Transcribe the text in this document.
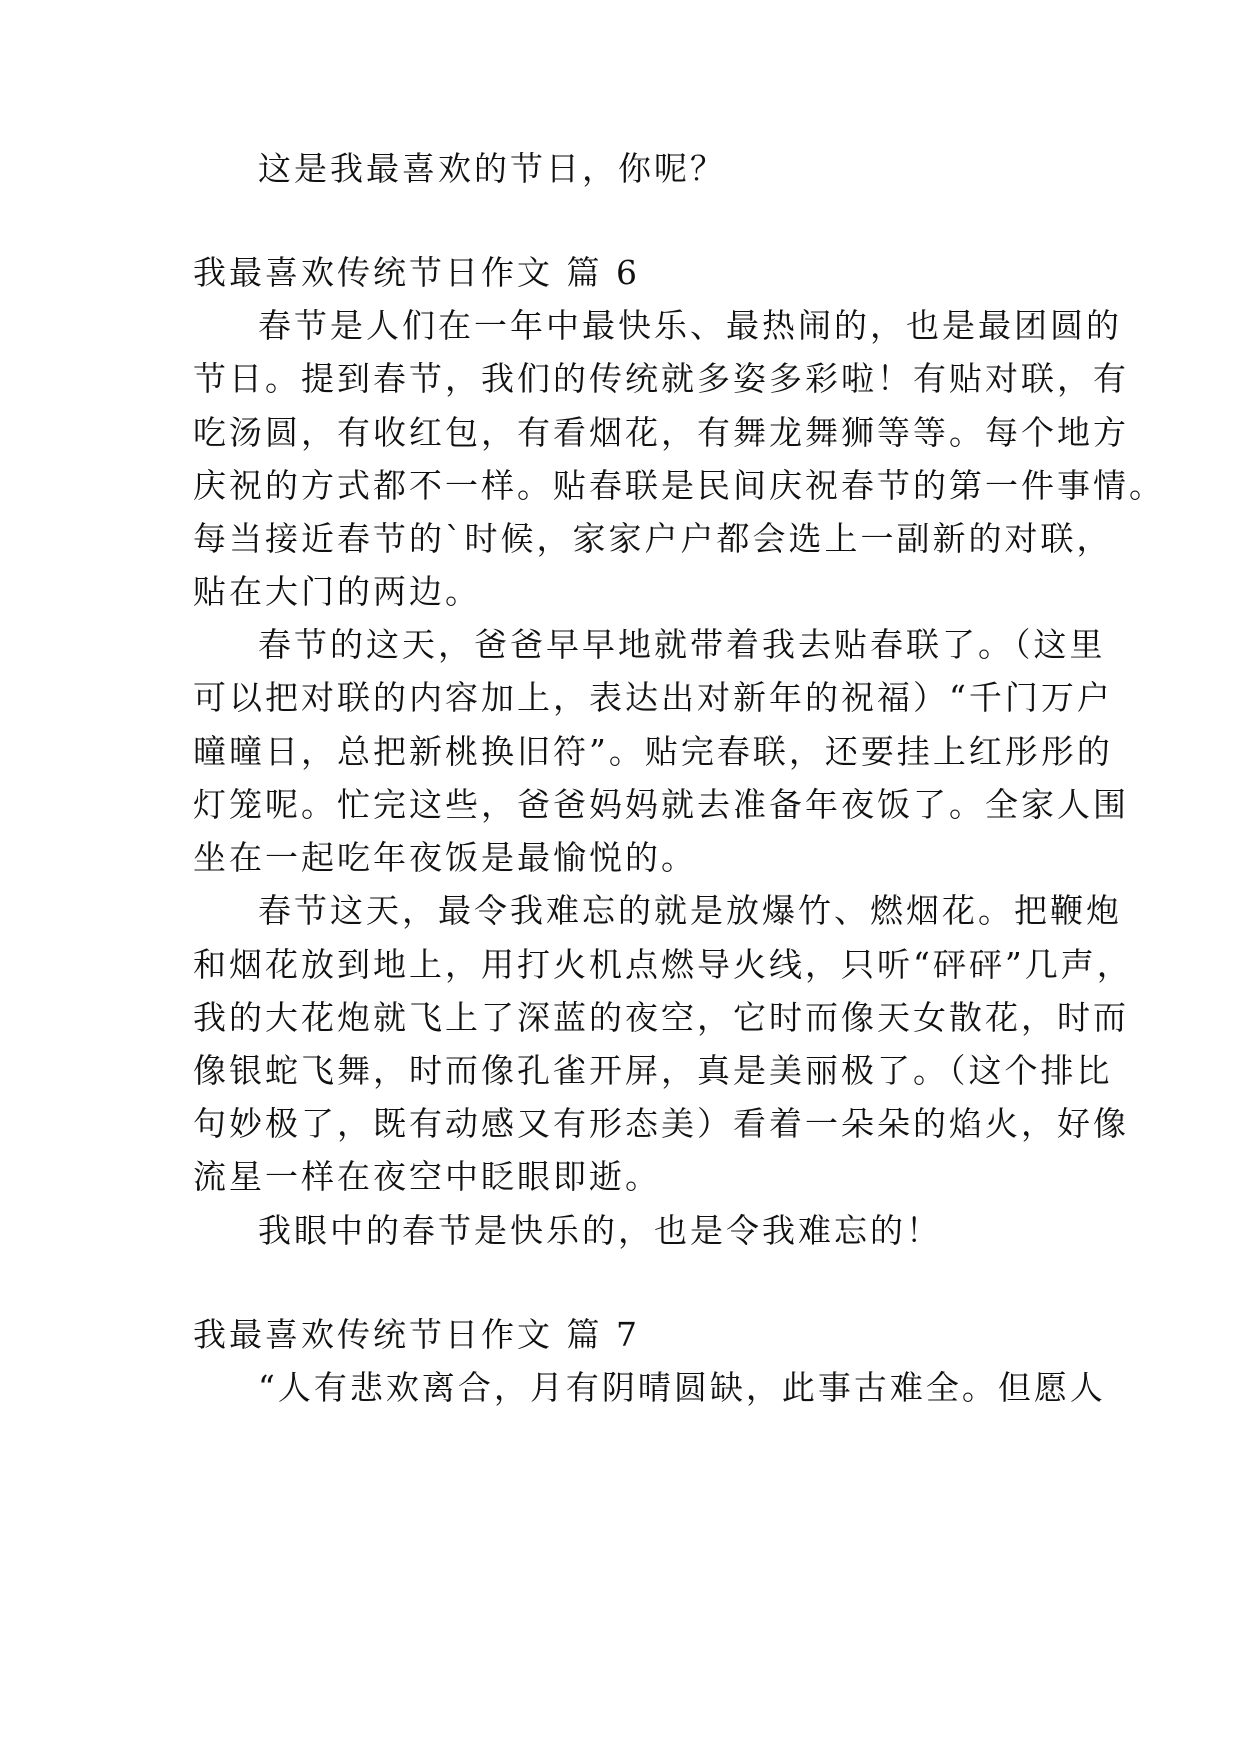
这是我最喜欢的节日，你呢？
我最喜欢传统节日作文 篇 6
春节是人们在一年中最快乐、最热闹的，也是最团圆的
节日。提到春节，我们的传统就多姿多彩啦！有贴对联，有
吃汤圆，有收红包，有看烟花，有舞龙舞狮等等。每个地方
庆祝的方式都不一样。贴春联是民间庆祝春节的第一件事情。
每当接近春节的`时候，家家户户都会选上一副新的对联，
贴在大门的两边。
春节的这天，爸爸早早地就带着我去贴春联了。（这里
可以把对联的内容加上，表达出对新年的祝福）“千门万户
曈曈日，总把新桃换旧符”。贴完春联，还要挂上红彤彤的
灯笼呢。忙完这些，爸爸妈妈就去准备年夜饭了。全家人围
坐在一起吃年夜饭是最愉悦的。
春节这天，最令我难忘的就是放爆竹、燃烟花。把鞭炮
和烟花放到地上，用打火机点燃导火线，只听“砰砰”几声，
我的大花炮就飞上了深蓝的夜空，它时而像天女散花，时而
像银蛇飞舞，时而像孔雀开屏，真是美丽极了。（这个排比
句妙极了，既有动感又有形态美）看着一朵朵的焰火，好像
流星一样在夜空中眨眼即逝。
我眼中的春节是快乐的，也是令我难忘的！
我最喜欢传统节日作文 篇 7
“人有悲欢离合，月有阴晴圆缺，此事古难全。但愿人
